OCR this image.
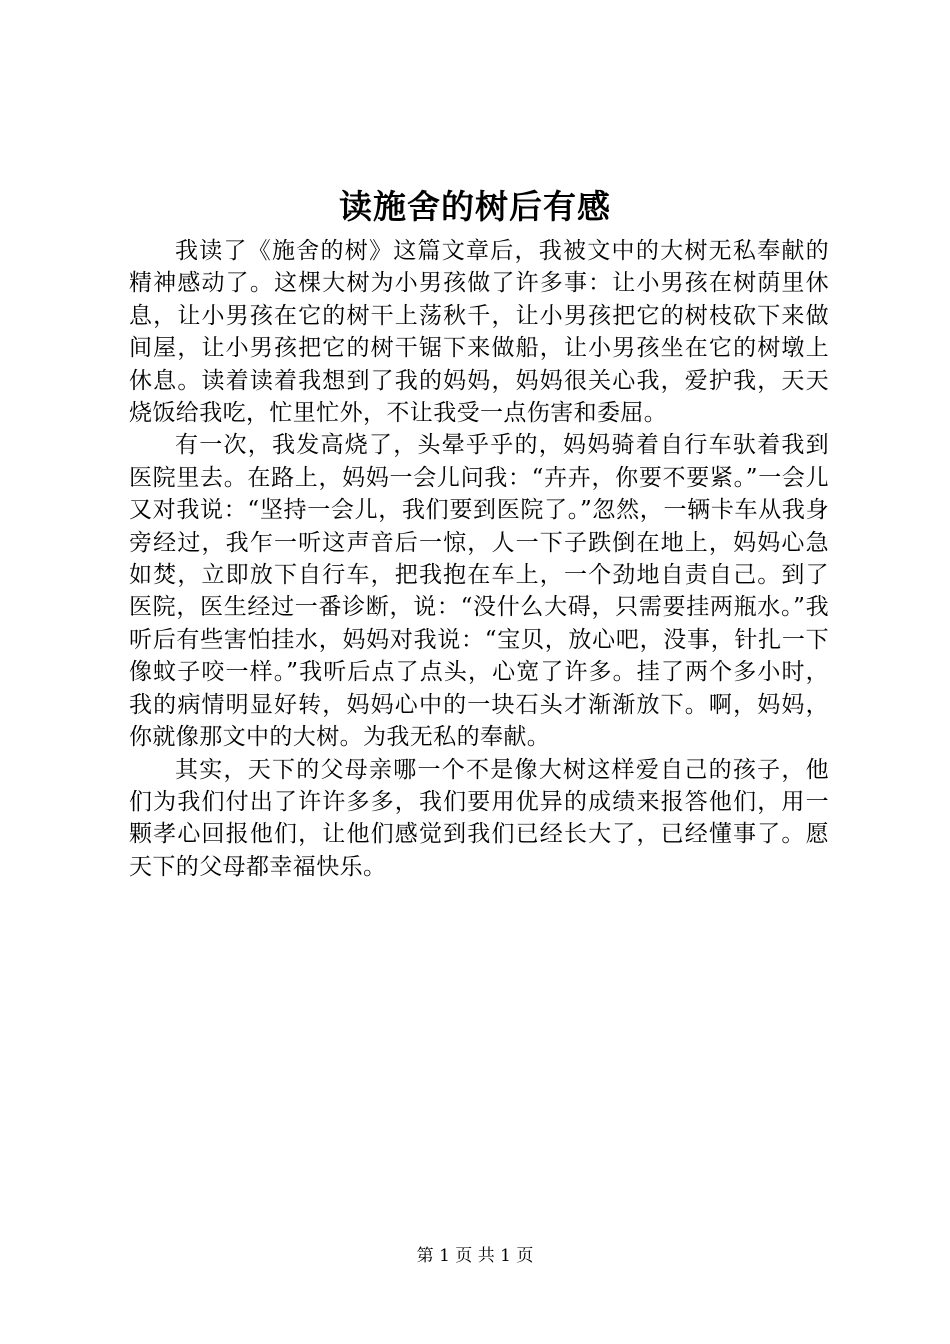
读施舍的树后有感

我读了《施舍的树》这篇文章后，我被文中的大树无私奉献的精神感动了。这棵大树为小男孩做了许多事：让小男孩在树荫里休息，让小男孩在它的树干上荡秋千，让小男孩把它的树枝砍下来做间屋，让小男孩把它的树干锯下来做船，让小男孩坐在它的树墩上休息。读着读着我想到了我的妈妈，妈妈很关心我，爱护我，天天烧饭给我吃，忙里忙外，不让我受一点伤害和委屈。

有一次，我发高烧了，头晕乎乎的，妈妈骑着自行车驮着我到医院里去。在路上，妈妈一会儿问我：“卉卉，你要不要紧。”一会儿又对我说：“坚持一会儿，我们要到医院了。”忽然，一辆卡车从我身旁经过，我乍一听这声音后一惊，人一下子跌倒在地上，妈妈心急如焚，立即放下自行车，把我抱在车上，一个劲地自责自己。到了医院，医生经过一番诊断，说：“没什么大碍，只需要挂两瓶水。”我听后有些害怕挂水，妈妈对我说：“宝贝，放心吧，没事，针扎一下像蚊子咬一样。”我听后点了点头，心宽了许多。挂了两个多小时，我的病情明显好转，妈妈心中的一块石头才渐渐放下。啊，妈妈，你就像那文中的大树。为我无私的奉献。

其实，天下的父母亲哪一个不是像大树这样爱自己的孩子，他们为我们付出了许许多多，我们要用优异的成绩来报答他们，用一颗孝心回报他们，让他们感觉到我们已经长大了，已经懂事了。愿天下的父母都幸福快乐。

第 1 页 共 1 页
